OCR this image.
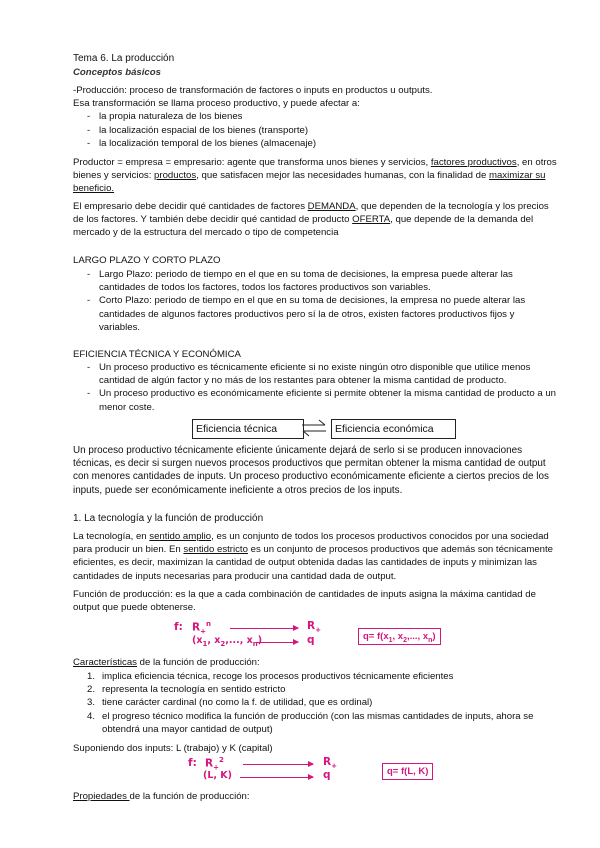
Tema 6. La producción
Conceptos básicos
-Producción: proceso de transformación de factores o inputs en productos u outputs.
Esa transformación se llama proceso productivo, y puede afectar a:
- la propia naturaleza de los bienes
- la localización espacial de los bienes (transporte)
- la localización temporal de los bienes (almacenaje)
Productor = empresa = empresario: agente que transforma unos bienes y servicios, factores productivos, en otros bienes y servicios: productos, que satisfacen mejor las necesidades humanas, con la finalidad de maximizar su beneficio.
El empresario debe decidir qué cantidades de factores DEMANDA, que dependen de la tecnología y los precios de los factores. Y también debe decidir qué cantidad de producto OFERTA, que depende de la demanda del mercado y de la estructura del mercado o tipo de competencia
LARGO PLAZO Y CORTO PLAZO
- Largo Plazo: periodo de tiempo en el que en su toma de decisiones, la empresa puede alterar las cantidades de todos los factores, todos los factores productivos son variables.
- Corto Plazo: periodo de tiempo en el que en su toma de decisiones, la empresa no puede alterar las cantidades de algunos factores productivos pero sí la de otros, existen factores productivos fijos y variables.
EFICIENCIA TÉCNICA Y ECONÓMICA
- Un proceso productivo es técnicamente eficiente si no existe ningún otro disponible que utilice menos cantidad de algún factor y no más de los restantes para obtener la misma cantidad de producto.
- Un proceso productivo es económicamente eficiente si permite obtener la misma cantidad de producto a un menor coste.
Eficiencia técnica	Eficiencia económica
Un proceso productivo técnicamente eficiente únicamente dejará de serlo si se producen innovaciones técnicas, es decir si surgen nuevos procesos productivos que permitan obtener la misma cantidad de output con menores cantidades de inputs. Un proceso productivo económicamente eficiente a ciertos precios de los inputs, puede ser económicamente ineficiente a otros precios de los inputs.
1. La tecnología y la función de producción
La tecnología, en sentido amplio, es un conjunto de todos los procesos productivos conocidos por una sociedad para producir un bien. En sentido estricto es un conjunto de procesos productivos que además son técnicamente eficientes, es decir, maximizan la cantidad de output obtenida dadas las cantidades de inputs y minimizan las cantidades de inputs necesarias para producir una cantidad dada de output.
Función de producción: es la que a cada combinación de cantidades de inputs asigna la máxima cantidad de output que puede obtenerse.
f: $R_+^n$	$R_+$
($x_1$, $x_2$,..., $x_n$)	q	$q= f(x_1$, $x_2$,..., $x_n$)
Características de la función de producción:
1. implica eficiencia técnica, recoge los procesos productivos técnicamente eficientes
2. representa la tecnología en sentido estricto
3. tiene carácter cardinal (no como la f. de utilidad, que es ordinal)
4. el progreso técnico modifica la función de producción (con las mismas cantidades de inputs, ahora se obtendrá una mayor cantidad de output)
Suponiendo dos inputs: L (trabajo) y K (capital)
f: $R_+^2$	$R_+$
(L, K)	q	q= f(L, K)
Propiedades de la función de producción:
